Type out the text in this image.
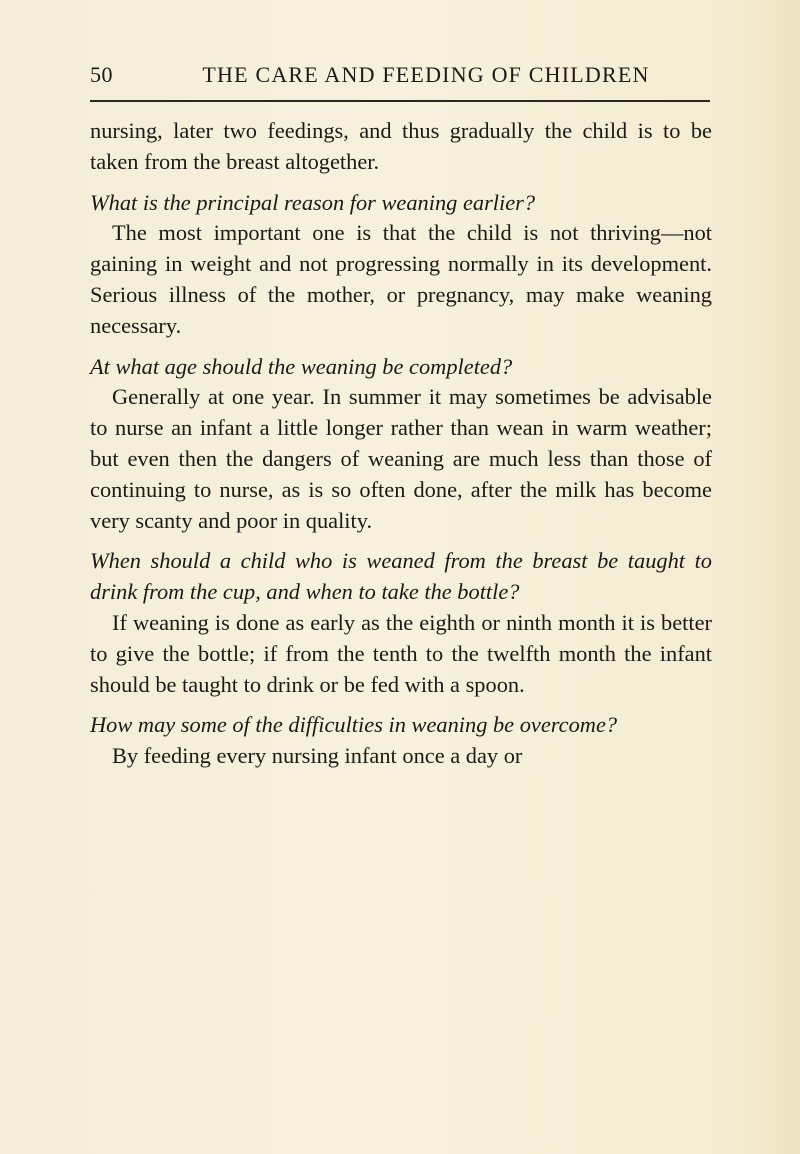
50	THE CARE AND FEEDING OF CHILDREN

nursing, later two feedings, and thus gradually the child is to be taken from the breast altogether.

What is the principal reason for weaning earlier?

The most important one is that the child is not thriving—not gaining in weight and not progressing normally in its development. Serious illness of the mother, or pregnancy, may make weaning necessary.

At what age should the weaning be completed?

Generally at one year. In summer it may sometimes be advisable to nurse an infant a little longer rather than wean in warm weather; but even then the dangers of weaning are much less than those of continuing to nurse, as is so often done, after the milk has become very scanty and poor in quality.

When should a child who is weaned from the breast be taught to drink from the cup, and when to take the bottle?

If weaning is done as early as the eighth or ninth month it is better to give the bottle; if from the tenth to the twelfth month the infant should be taught to drink or be fed with a spoon.

How may some of the difficulties in weaning be overcome?

By feeding every nursing infant once a day or
